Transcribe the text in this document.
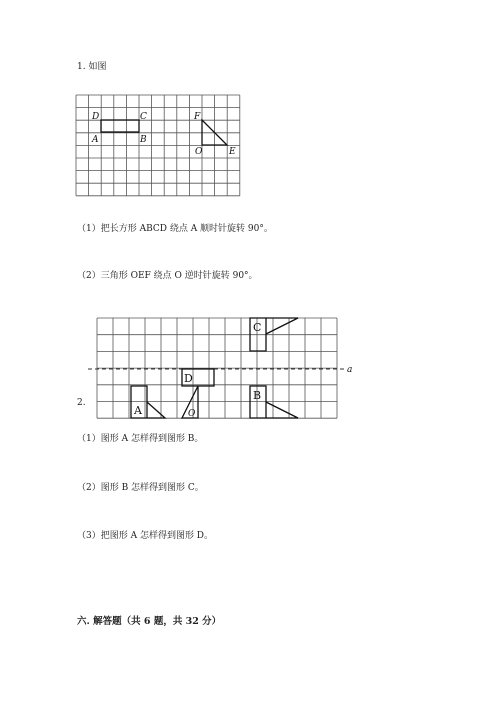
1. 如图
D	C
A	B
F
O	E
（1）把长方形 ABCD 绕点 A 顺时针旋转 90°。
（2）三角形 OEF 绕点 O 逆时针旋转 90°。
2.
a
A
B
C
D
O
（1）图形 A 怎样得到图形 B。
（2）图形 B 怎样得到图形 C。
（3）把图形 A 怎样得到图形 D。
六. 解答题（共 6 题，共 32 分）
